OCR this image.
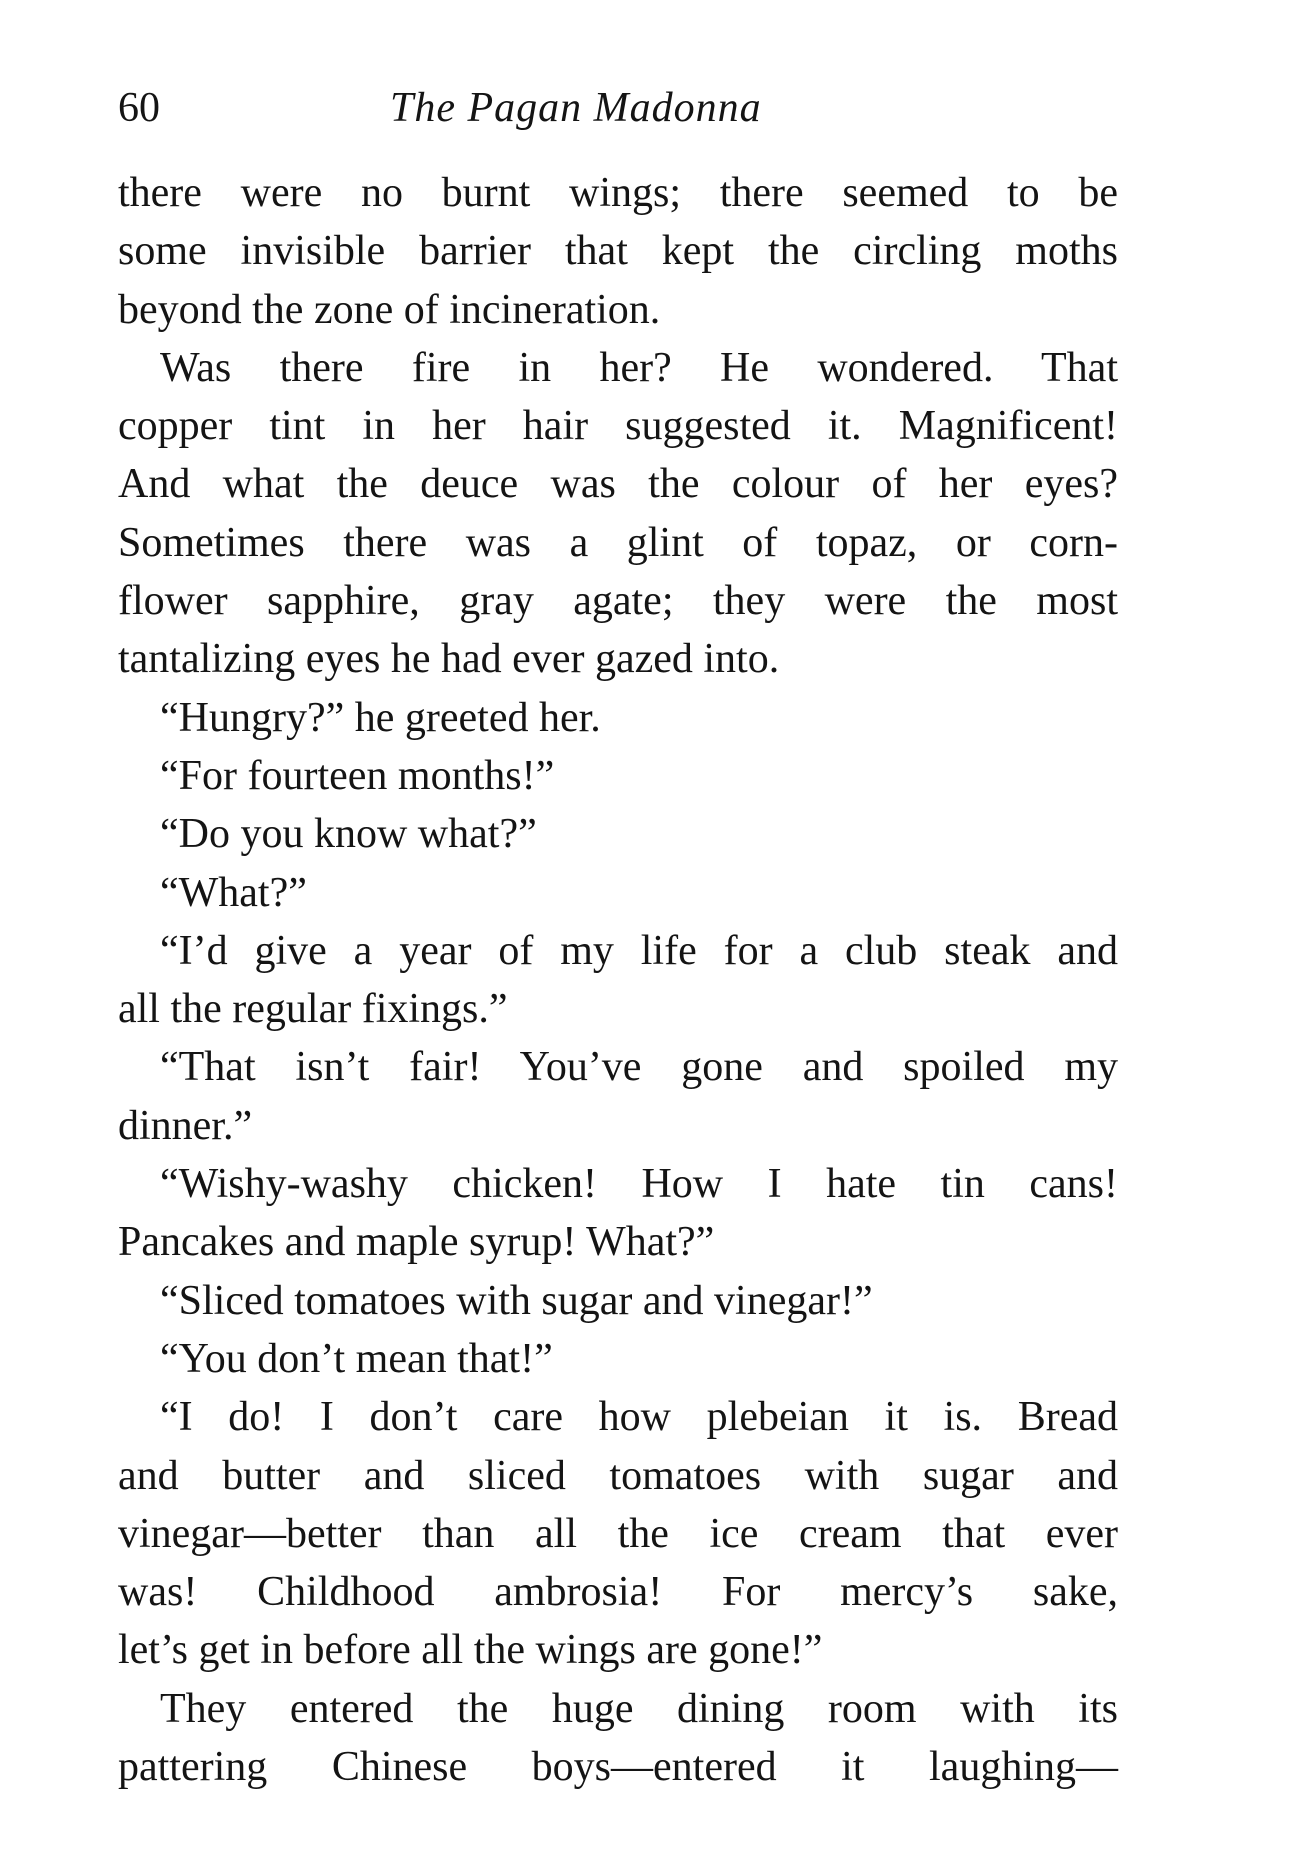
60	The Pagan Madonna
there were no burnt wings; there seemed to be
some invisible barrier that kept the circling moths
beyond the zone of incineration.
Was there fire in her? He wondered. That
copper tint in her hair suggested it. Magnificent!
And what the deuce was the colour of her eyes?
Sometimes there was a glint of topaz, or corn-
flower sapphire, gray agate; they were the most
tantalizing eyes he had ever gazed into.
“Hungry?” he greeted her.
“For fourteen months!”
“Do you know what?”
“What?”
“I’d give a year of my life for a club steak and
all the regular fixings.”
“That isn’t fair! You’ve gone and spoiled my
dinner.”
“Wishy-washy chicken! How I hate tin cans!
Pancakes and maple syrup! What?”
“Sliced tomatoes with sugar and vinegar!”
“You don’t mean that!”
“I do! I don’t care how plebeian it is. Bread
and butter and sliced tomatoes with sugar and
vinegar—better than all the ice cream that ever
was! Childhood ambrosia! For mercy’s sake,
let’s get in before all the wings are gone!”
They entered the huge dining room with its
pattering Chinese boys—entered it laughing—
